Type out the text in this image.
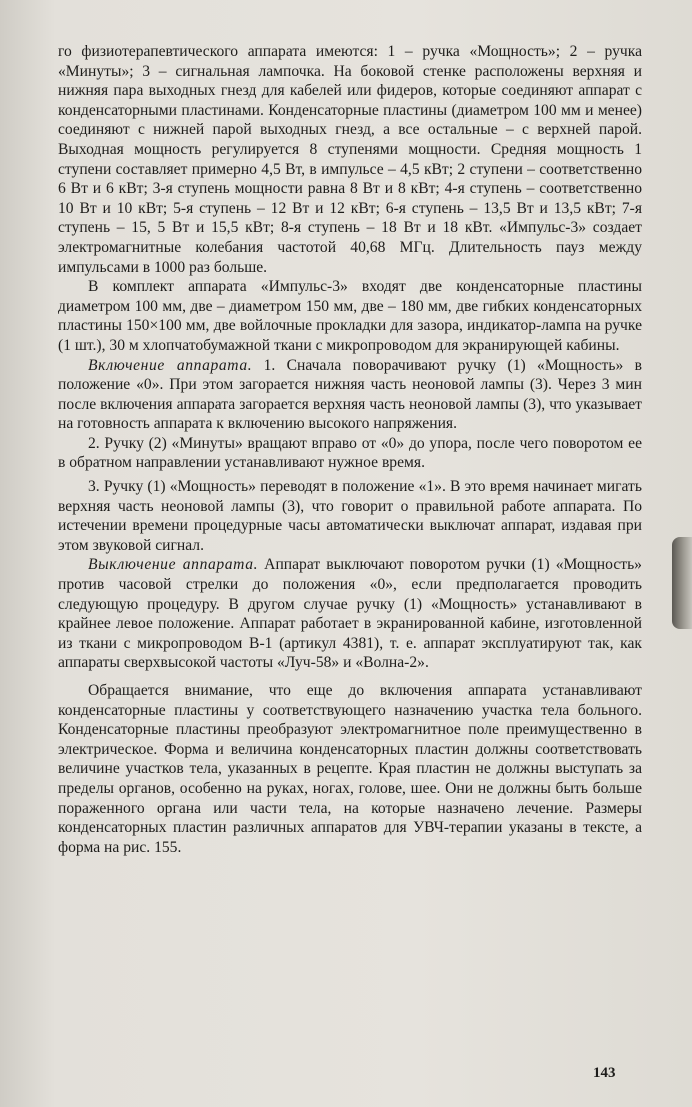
го физиотерапевтического аппарата имеются: 1 – ручка «Мощность»; 2 – ручка «Минуты»; 3 – сигнальная лампочка. На боковой стенке расположены верхняя и нижняя пара выходных гнезд для кабелей или фидеров, которые соединяют аппарат с конденсаторными пластинами. Конденсаторные пластины (диаметром 100 мм и менее) соединяют с нижней парой выходных гнезд, а все остальные – с верхней парой. Выходная мощность регулируется 8 ступенями мощности. Средняя мощность 1 ступени составляет примерно 4,5 Вт, в импульсе – 4,5 кВт; 2 ступени – соответственно 6 Вт и 6 кВт; 3-я ступень мощности равна 8 Вт и 8 кВт; 4-я ступень – соответственно 10 Вт и 10 кВт; 5-я ступень – 12 Вт и 12 кВт; 6-я ступень – 13,5 Вт и 13,5 кВт; 7-я ступень – 15, 5 Вт и 15,5 кВт; 8-я ступень – 18 Вт и 18 кВт. «Импульс-3» создает электромагнитные колебания частотой 40,68 МГц. Длительность пауз между импульсами в 1000 раз больше.

В комплект аппарата «Импульс-3» входят две конденсаторные пластины диаметром 100 мм, две – диаметром 150 мм, две – 180 мм, две гибких конденсаторных пластины 150×100 мм, две войлочные прокладки для зазора, индикатор-лампа на ручке (1 шт.), 30 м хлопчатобумажной ткани с микропроводом для экранирующей кабины.

Включение аппарата. 1. Сначала поворачивают ручку (1) «Мощность» в положение «0». При этом загорается нижняя часть неоновой лампы (3). Через 3 мин после включения аппарата загорается верхняя часть неоновой лампы (3), что указывает на готовность аппарата к включению высокого напряжения.

2. Ручку (2) «Минуты» вращают вправо от «0» до упора, после чего поворотом ее в обратном направлении устанавливают нужное время.

3. Ручку (1) «Мощность» переводят в положение «1». В это время начинает мигать верхняя часть неоновой лампы (3), что говорит о правильной работе аппарата. По истечении времени процедурные часы автоматически выключат аппарат, издавая при этом звуковой сигнал.

Выключение аппарата. Аппарат выключают поворотом ручки (1) «Мощность» против часовой стрелки до положения «0», если предполагается проводить следующую процедуру. В другом случае ручку (1) «Мощность» устанавливают в крайнее левое положение. Аппарат работает в экранированной кабине, изготовленной из ткани с микропроводом В-1 (артикул 4381), т. е. аппарат эксплуатируют так, как аппараты сверхвысокой частоты «Луч-58» и «Волна-2».

Обращается внимание, что еще до включения аппарата устанавливают конденсаторные пластины у соответствующего назначению участка тела больного. Конденсаторные пластины преобразуют электромагнитное поле преимущественно в электрическое. Форма и величина конденсаторных пластин должны соответствовать величине участков тела, указанных в рецепте. Края пластин не должны выступать за пределы органов, особенно на руках, ногах, голове, шее. Они не должны быть больше пораженного органа или части тела, на которые назначено лечение. Размеры конденсаторных пластин различных аппаратов для УВЧ-терапии указаны в тексте, а форма на рис. 155.

143
